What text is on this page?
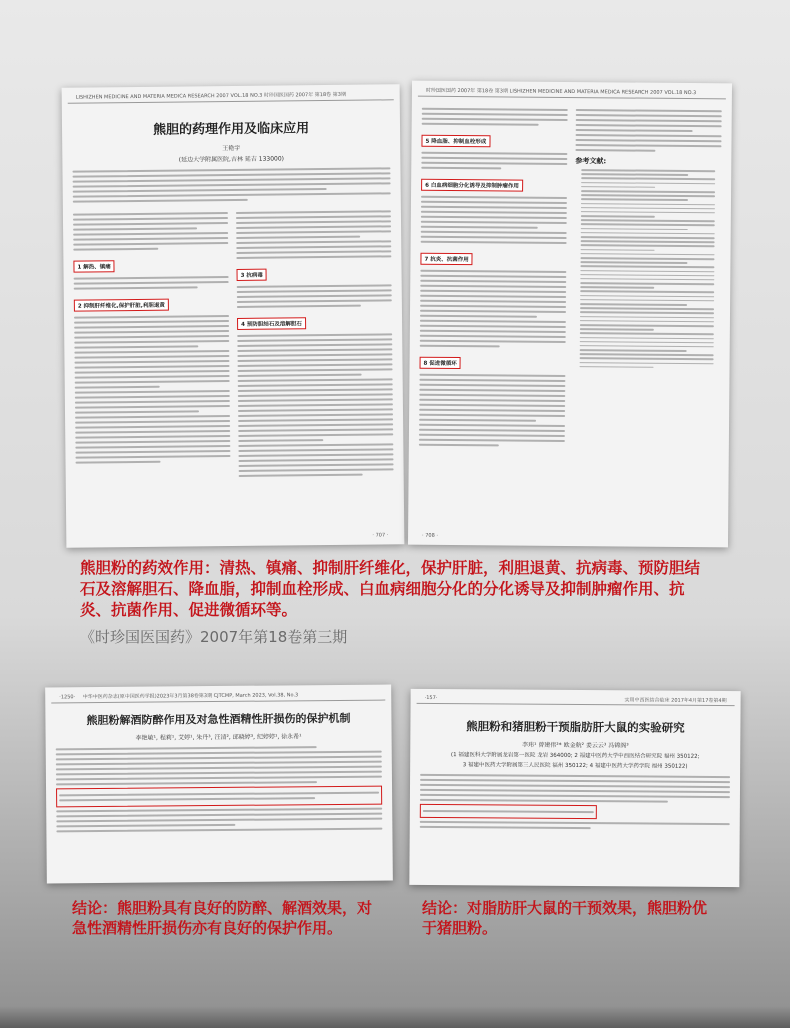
LISHIZHEN MEDICINE AND MATERIA MEDICA RESEARCH 2007 VOL.18 NO.3 时珍国医国药 2007年 第18卷 第3期
熊胆的药理作用及临床应用
王艳宇
(延边大学附属医院,吉林 延吉 133000)
1 解热、镇痛
2 抑制肝纤维化,保护肝脏,利胆退黄
3 抗病毒
4 预防胆结石及溶解胆石
· 707 ·
时珍国医国药 2007年 第18卷 第3期 LISHIZHEN MEDICINE AND MATERIA MEDICA RESEARCH 2007 VOL.18 NO.3
5 降血脂、抑制血栓形成
6 白血病细胞分化诱导及抑制肿瘤作用
7 抗炎、抗菌作用
8 促进微循环
参考文献:
· 708 ·
熊胆粉的药效作用：清热、镇痛、抑制肝纤维化，保护肝脏，利胆退黄、抗病毒、预防胆结石及溶解胆石、降血脂，抑制血栓形成、白血病细胞分化的分化诱导及抑制肿瘤作用、抗炎、抗菌作用、促进微循环等。
《时珍国医国药》2007年第18卷第三期
·1250· 中华中医药杂志(原中国医药学报)2023年3月第38卷第3期 CJTCMP, March 2023, Vol.38, No.3
熊胆粉解酒防醉作用及对急性酒精性肝损伤的保护机制
李艳敏¹, 程莉¹, 艾婷¹, 朱丹³, 汪清², 邱晓婷³, 纪婷婷¹, 徐永希¹
·157·	实用中西医结合临床 2017年4月第17卷第4期
熊胆粉和猪胆粉干预脂肪肝大鼠的实验研究
李玮¹ 曾建伟²* 欧金航² 姜云云³ 冯锦阁³
(1 福建医科大学附属龙岩第一医院 龙岩 364000; 2 福建中医药大学中西医结合研究院 福州 350122;
3 福建中医药大学附属第三人民医院 福州 350122; 4 福建中医药大学药学院 福州 350122)
结论：熊胆粉具有良好的防醉、解酒效果，对急性酒精性肝损伤亦有良好的保护作用。
结论：对脂肪肝大鼠的干预效果，熊胆粉优于猪胆粉。
